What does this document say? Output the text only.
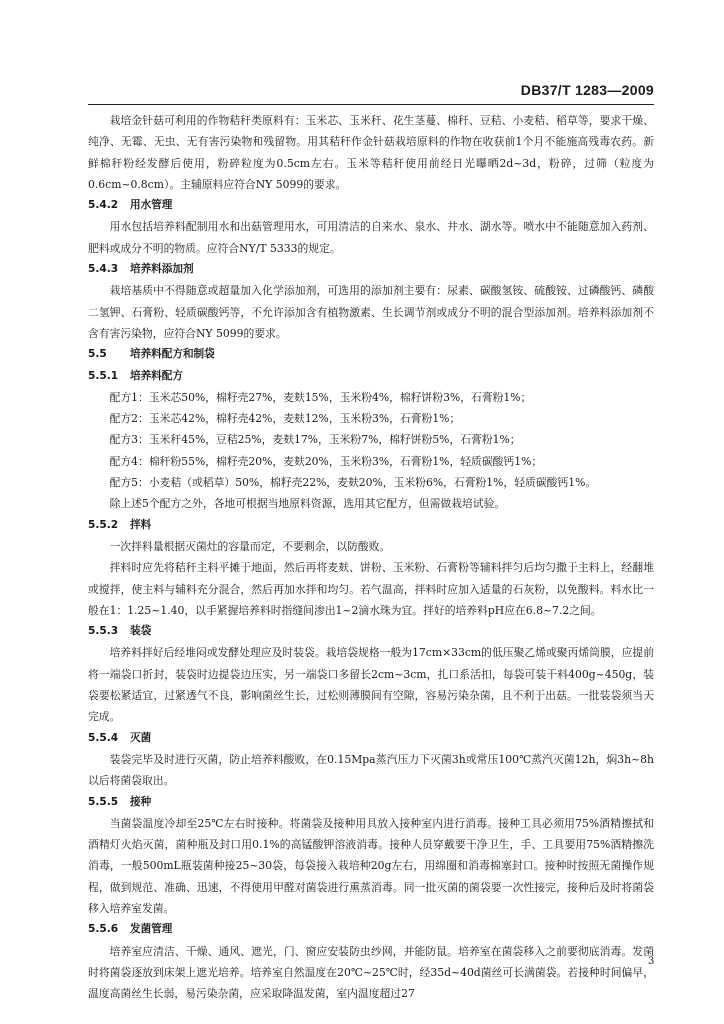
DB37/T 1283—2009

栽培金针菇可利用的作物秸秆类原料有：玉米芯、玉米秆、花生茎蔓、棉秆、豆秸、小麦秸、稻草等，要求干燥、纯净、无霉、无虫、无有害污染物和残留物。用其秸秆作金针菇栽培原料的作物在收获前1个月不能施高残毒农药。新鲜棉秆粉经发酵后使用，粉碎粒度为0.5cm左右。玉米等秸秆使用前经日光曝晒2d~3d，粉碎，过筛（粒度为0.6cm~0.8cm）。主辅原料应符合NY 5099的要求。

5.4.2 用水管理

用水包括培养料配制用水和出菇管理用水，可用清洁的自来水、泉水、井水、湖水等。喷水中不能随意加入药剂、肥料或成分不明的物质。应符合NY/T 5333的规定。

5.4.3 培养料添加剂

栽培基质中不得随意或超量加入化学添加剂，可选用的添加剂主要有：尿素、碳酸氢铵、硫酸铵、过磷酸钙、磷酸二氢钾、石膏粉、轻质碳酸钙等，不允许添加含有植物激素、生长调节剂或成分不明的混合型添加剂。培养料添加剂不含有害污染物，应符合NY 5099的要求。

5.5 培养料配方和制袋

5.5.1 培养料配方

配方1：玉米芯50%，棉籽壳27%，麦麸15%，玉米粉4%，棉籽饼粉3%，石膏粉1%；

配方2：玉米芯42%，棉籽壳42%，麦麸12%，玉米粉3%，石膏粉1%；

配方3：玉米秆45%，豆秸25%，麦麸17%，玉米粉7%，棉籽饼粉5%，石膏粉1%；

配方4：棉秆粉55%，棉籽壳20%，麦麸20%，玉米粉3%，石膏粉1%，轻质碳酸钙1%；

配方5：小麦秸（或稻草）50%，棉籽壳22%，麦麸20%，玉米粉6%，石膏粉1%，轻质碳酸钙1%。

除上述5个配方之外，各地可根据当地原料资源，选用其它配方，但需做栽培试验。

5.5.2 拌料

一次拌料量根据灭菌灶的容量而定，不要剩余，以防酸败。

拌料时应先将秸秆主料平摊于地面，然后再将麦麸、饼粉、玉米粉、石膏粉等辅料拌匀后均匀撒于主料上，经翻堆或搅拌，使主料与辅料充分混合，然后再加水拌和均匀。若气温高，拌料时应加入适量的石灰粉，以免酸料。料水比一般在1：1.25~1.40，以手紧握培养料时指缝间渗出1~2滴水珠为宜。拌好的培养料pH应在6.8~7.2之间。

5.5.3 装袋

培养料拌好后经堆闷或发酵处理应及时装袋。栽培袋规格一般为17cm×33cm的低压聚乙烯或聚丙烯筒膜，应提前将一端袋口折封，装袋时边提袋边压实，另一端袋口多留长2cm~3cm，扎口系活扣，每袋可装干料400g~450g，装袋要松紧适宜，过紧透气不良，影响菌丝生长，过松则薄膜间有空隙，容易污染杂菌，且不利于出菇。一批装袋须当天完成。

5.5.4 灭菌

装袋完毕及时进行灭菌，防止培养料酸败，在0.15Mpa蒸汽压力下灭菌3h或常压100℃蒸汽灭菌12h，焖3h~8h以后将菌袋取出。

5.5.5 接种

当菌袋温度冷却至25℃左右时接种。将菌袋及接种用具放入接种室内进行消毒。接种工具必须用75%酒精擦拭和酒精灯火焰灭菌，菌种瓶及封口用0.1%的高锰酸钾溶液消毒。接种人员穿戴要干净卫生，手、工具要用75%酒精擦洗消毒，一般500mL瓶装菌种接25~30袋，每袋接入栽培种20g左右，用绵圈和消毒棉塞封口。接种时按照无菌操作规程，做到规范、准确、迅速，不得使用甲醛对菌袋进行熏蒸消毒。同一批灭菌的菌袋要一次性接完，接种后及时将菌袋移入培养室发菌。

5.5.6 发菌管理

培养室应清洁、干燥、通风、遮光，门、窗应安装防虫纱网，并能防鼠。培养室在菌袋移入之前要彻底消毒。发菌时将菌袋逐放到床架上遮光培养。培养室自然温度在20℃~25℃时，经35d~40d菌丝可长满菌袋。若接种时间偏早，温度高菌丝生长弱，易污染杂菌，应采取降温发菌，室内温度超过27

3
